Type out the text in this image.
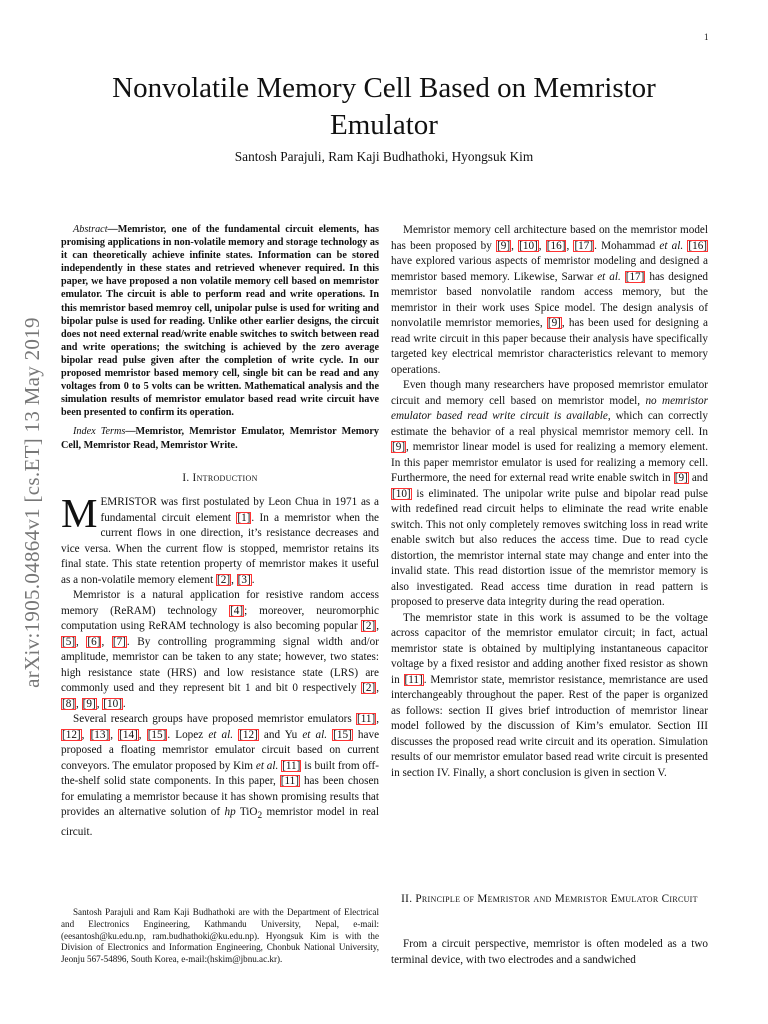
1
arXiv:1905.04864v1 [cs.ET] 13 May 2019
Nonvolatile Memory Cell Based on Memristor
Emulator
Santosh Parajuli, Ram Kaji Budhathoki, Hyongsuk Kim

Abstract—Memristor, one of the fundamental circuit elements, has promising applications in non-volatile memory and storage technology as it can theoretically achieve infinite states. Information can be stored independently in these states and retrieved whenever required. In this paper, we have proposed a non volatile memory cell based on memristor emulator. The circuit is able to perform read and write operations. In this memristor based memroy cell, unipolar pulse is used for writing and bipolar pulse is used for reading. Unlike other earlier designs, the circuit does not need external read/write enable switches to switch between read and write operations; the switching is achieved by the zero average bipolar read pulse given after the completion of write cycle. In our proposed memristor based memory cell, single bit can be read and any voltages from 0 to 5 volts can be written. Mathematical analysis and the simulation results of memristor emulator based read write circuit have been presented to confirm its operation.

Index Terms—Memristor, Memristor Emulator, Memristor Memory Cell, Memristor Read, Memristor Write.

I. Introduction

MEMRISTOR was first postulated by Leon Chua in 1971 as a fundamental circuit element [1]. In a memristor when the current flows in one direction, it’s resistance decreases and vice versa. When the current flow is stopped, memristor retains its final state. This state retention property of memristor makes it useful as a non-volatile memory element [2], [3].

Memristor is a natural application for resistive random access memory (ReRAM) technology [4]; moreover, neuromorphic computation using ReRAM technology is also becoming popular [2], [5], [6], [7]. By controlling programming signal width and/or amplitude, memristor can be taken to any state; however, two states: high resistance state (HRS) and low resistance state (LRS) are commonly used and they represent bit 1 and bit 0 respectively [2], [8], [9], [10].

Several research groups have proposed memristor emulators [11], [12], [13], [14], [15]. Lopez et al. [12] and Yu et al. [15] have proposed a floating memristor emulator circuit based on current conveyors. The emulator proposed by Kim et al. [11] is built from off-the-shelf solid state components. In this paper, [11] has been chosen for emulating a memristor because it has shown promising results that provides an alternative solution of hp TiO$_2$ memristor model in real circuit.

Santosh Parajuli and Ram Kaji Budhathoki are with the Department of Electrical and Electronics Engineering, Kathmandu University, Nepal, e-mail: (eesantosh@ku.edu.np, ram.budhathoki@ku.edu.np). Hyongsuk Kim is with the Division of Electronics and Information Engineering, Chonbuk National University, Jeonju 567-54896, South Korea, e-mail:(hskim@jbnu.ac.kr).

Memristor memory cell architecture based on the memristor model has been proposed by [9], [10], [16], [17]. Mohammad et al. [16] have explored various aspects of memristor modeling and designed a memristor based memory. Likewise, Sarwar et al. [17] has designed memristor based nonvolatile random access memory, but the memristor in their work uses Spice model. The design analysis of nonvolatile memristor memories, [9], has been used for designing a read write circuit in this paper because their analysis have specifically targeted key electrical memristor characteristics relevant to memory operations.

Even though many researchers have proposed memristor emulator circuit and memory cell based on memristor model, no memristor emulator based read write circuit is available, which can correctly estimate the behavior of a real physical memristor memory cell. In [9], memristor linear model is used for realizing a memory element. In this paper memristor emulator is used for realizing a memory cell. Furthermore, the need for external read write enable switch in [9] and [10] is eliminated. The unipolar write pulse and bipolar read pulse with redefined read circuit helps to eliminate the read write enable switch. This not only completely removes switching loss in read write enable switch but also reduces the access time. Due to read cycle distortion, the memristor internal state may change and enter into the invalid state. This read distortion issue of the memristor memory is also investigated. Read access time duration in read pattern is proposed to preserve data integrity during the read operation.

The memristor state in this work is assumed to be the voltage across capacitor of the memristor emulator circuit; in fact, actual memristor state is obtained by multiplying instantaneous capacitor voltage by a fixed resistor and adding another fixed resistor as shown in [11]. Memristor state, memristor resistance, memristance are used interchangeably throughout the paper. Rest of the paper is organized as follows: section II gives brief introduction of memristor linear model followed by the discussion of Kim’s emulator. Section III discusses the proposed read write circuit and its operation. Simulation results of our memristor emulator based read write circuit is presented in section IV. Finally, a short conclusion is given in section V.

II. Principle of Memristor and Memristor Emulator Circuit
From a circuit perspective, memristor is often modeled as a two terminal device, with two electrodes and a sandwiched
